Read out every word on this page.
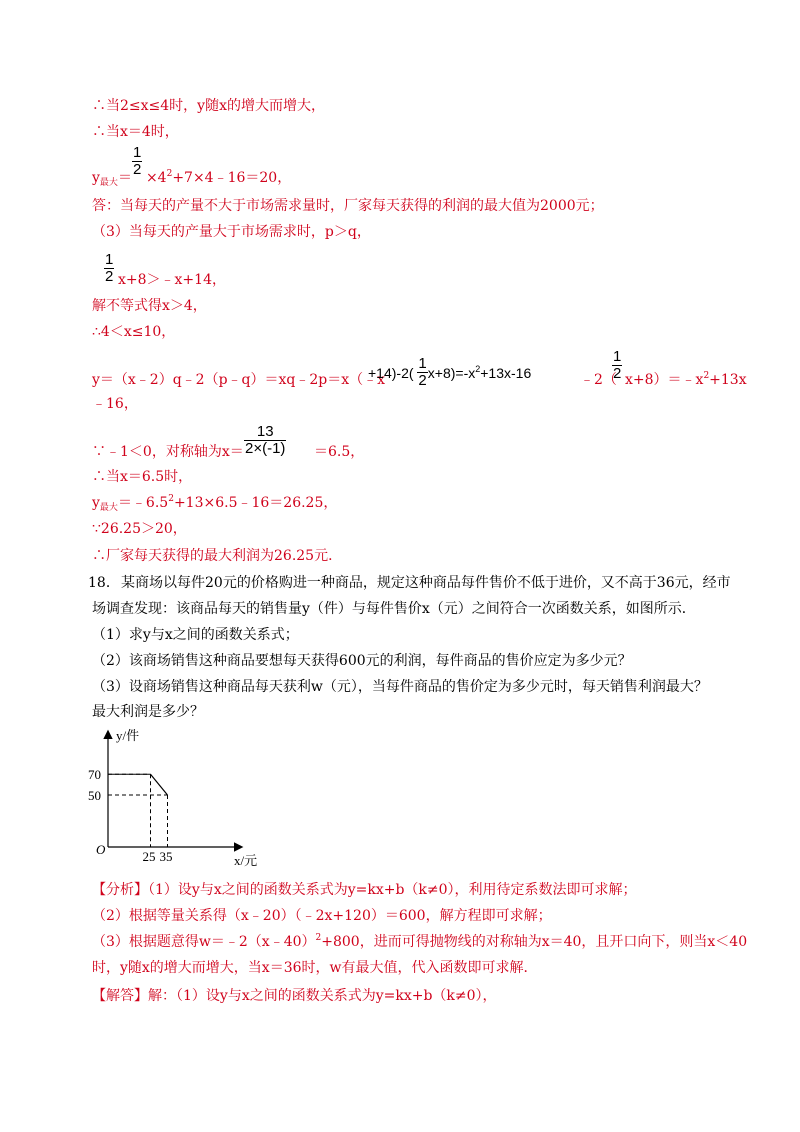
∴当2≤x≤4时，y随x的增大而增大，
∴当x＝4时，
1
2
$y_{最大}=$ $\times 4^2+7\times 4﹣16=20$，
答：当每天的产量不大于市场需求量时，厂家每天获得的利润的最大值为2000元；
（3）当每天的产量大于市场需求时，p＞q，
1
2 x+8＞﹣x+14，
解不等式得x＞4，
∴4＜x≤10，
y＝（x﹣2）q﹣2（p﹣q）＝xq﹣2p＝x（﹣x
$+14)-2( \frac{1}{2} x+8)=-x^2+13x-16$	﹣2（
1
2 $x+8)=﹣x^2+13x$
﹣16，
∵﹣1＜0，对称轴为x＝
13
2×(-1) ＝6.5，
∴当x＝6.5时，
$y_{最大}=﹣6.5^2+13\times 6.5﹣16=26.25$，
∵26.25＞20，
∴厂家每天获得的最大利润为26.25元．
18． 某商场以每件20元的价格购进一种商品，规定这种商品每件售价不低于进价，又不高于36元，经市
场调查发现：该商品每天的销售量y（件）与每件售价x（元）之间符合一次函数关系，如图所示．
（1）求y与x之间的函数关系式；
（2）该商场销售这种商品要想每天获得600元的利润，每件商品的售价应定为多少元？
（3）设商场销售这种商品每天获利w（元），当每件商品的售价定为多少元时，每天销售利润最大？
最大利润是多少？
25 35
70
50
y/件
x/元
O
【分析】（1）设y与x之间的函数关系式为y=kx+b（k≠0），利用待定系数法即可求解；
（2）根据等量关系得（x﹣20）（﹣2x+120）＝600，解方程即可求解；
（3）根据题意得w＝﹣2（x﹣40）$^2$+800，进而可得抛物线的对称轴为x＝40，且开口向下，则当x＜40
时，y随x的增大而增大，当x＝36时，w有最大值，代入函数即可求解．
【解答】解：（1）设y与x之间的函数关系式为y=kx+b（k≠0），
